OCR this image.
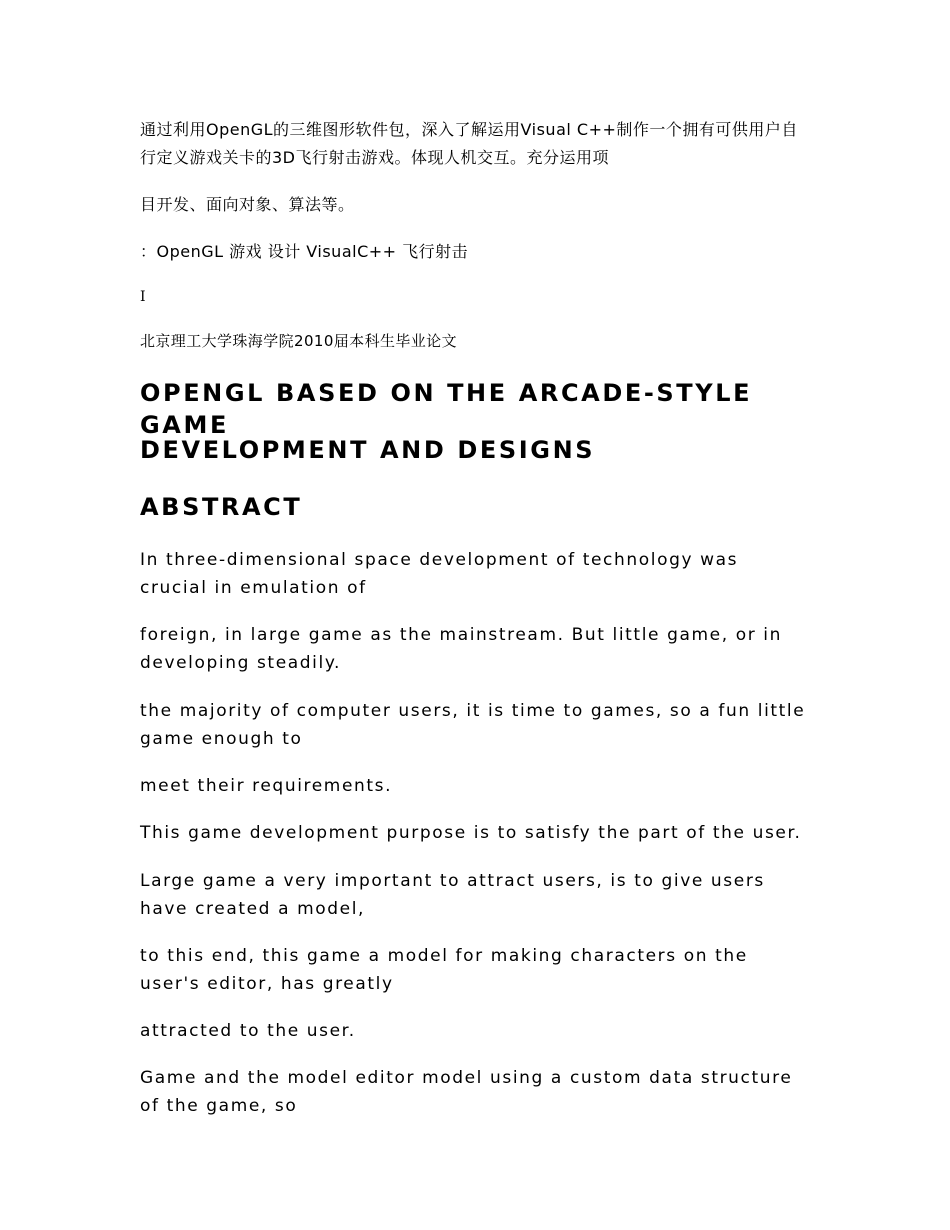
通过利用OpenGL的三维图形软件包，深入了解运用Visual C++制作一个拥有可供用户自行定义游戏关卡的3D飞行射击游戏。体现人机交互。充分运用项

目开发、面向对象、算法等。

：OpenGL 游戏 设计 VisualC++ 飞行射击

I

北京理工大学珠海学院2010届本科生毕业论文

OPENGL BASED ON THE ARCADE-STYLE GAME
DEVELOPMENT AND DESIGNS
ABSTRACT

In three-dimensional space development of technology was crucial in emulation of

foreign, in large game as the mainstream. But little game, or in developing steadily.

the majority of computer users, it is time to games, so a fun little game enough to

meet their requirements.

This game development purpose is to satisfy the part of the user.

Large game a very important to attract users, is to give users have created a model,

to this end, this game a model for making characters on the user's editor, has greatly

attracted to the user.

Game and the model editor model using a custom data structure of the game, so
